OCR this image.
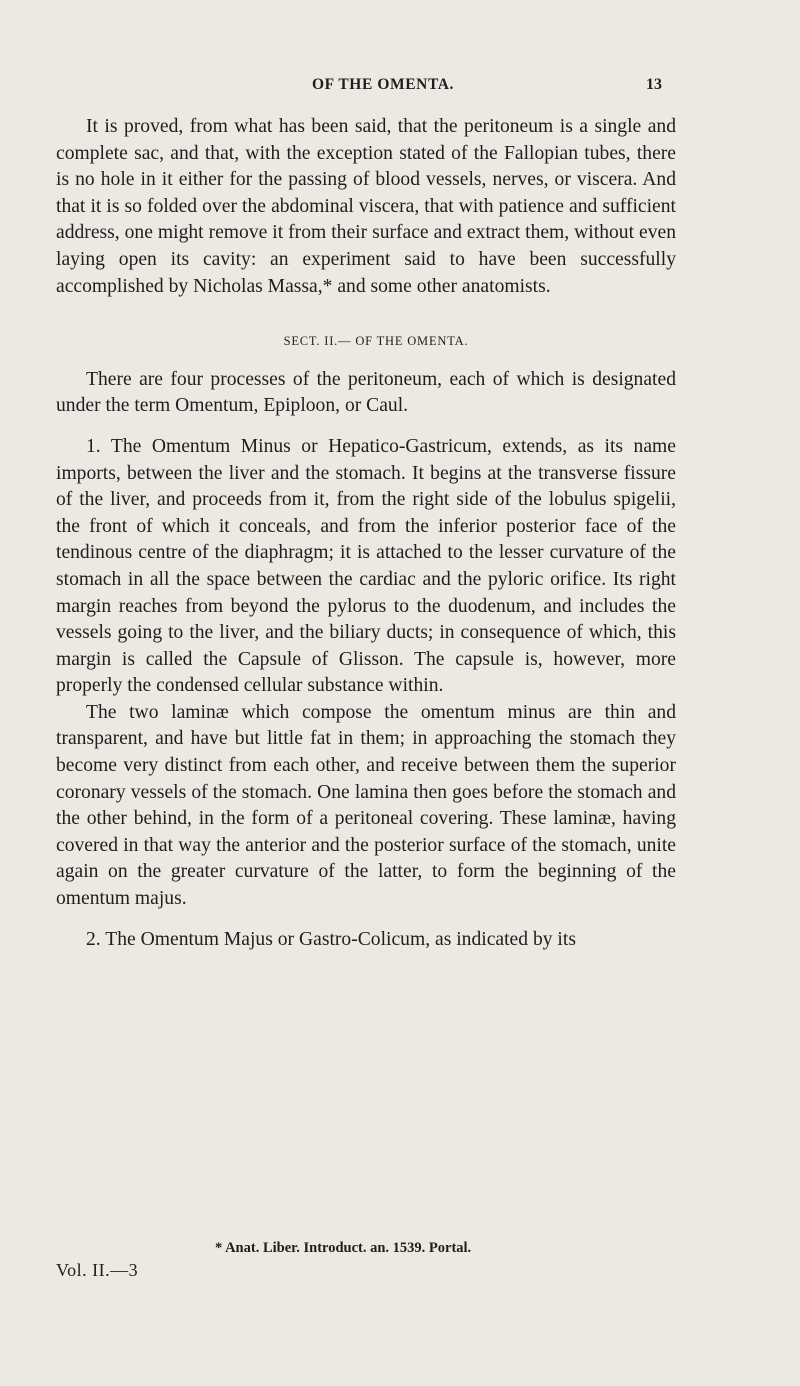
OF THE OMENTA.	13

It is proved, from what has been said, that the peritoneum is a single and complete sac, and that, with the exception stated of the Fallopian tubes, there is no hole in it either for the passing of blood vessels, nerves, or viscera. And that it is so folded over the abdominal viscera, that with patience and sufficient address, one might remove it from their surface and extract them, without even laying open its cavity: an experiment said to have been successfully accomplished by Nicholas Massa,* and some other anatomists.

SECT. II.— OF THE OMENTA.

There are four processes of the peritoneum, each of which is designated under the term Omentum, Epiploon, or Caul.

1. The Omentum Minus or Hepatico-Gastricum, extends, as its name imports, between the liver and the stomach. It begins at the transverse fissure of the liver, and proceeds from it, from the right side of the lobulus spigelii, the front of which it conceals, and from the inferior posterior face of the tendinous centre of the diaphragm; it is attached to the lesser curvature of the stomach in all the space between the cardiac and the pyloric orifice. Its right margin reaches from beyond the pylorus to the duodenum, and includes the vessels going to the liver, and the biliary ducts; in consequence of which, this margin is called the Capsule of Glisson. The capsule is, however, more properly the condensed cellular substance within.

The two laminæ which compose the omentum minus are thin and transparent, and have but little fat in them; in approaching the stomach they become very distinct from each other, and receive between them the superior coronary vessels of the stomach. One lamina then goes before the stomach and the other behind, in the form of a peritoneal covering. These laminæ, having covered in that way the anterior and the posterior surface of the stomach, unite again on the greater curvature of the latter, to form the beginning of the omentum majus.

2. The Omentum Majus or Gastro-Colicum, as indicated by its

* Anat. Liber. Introduct. an. 1539. Portal.
Vol. II.—3
